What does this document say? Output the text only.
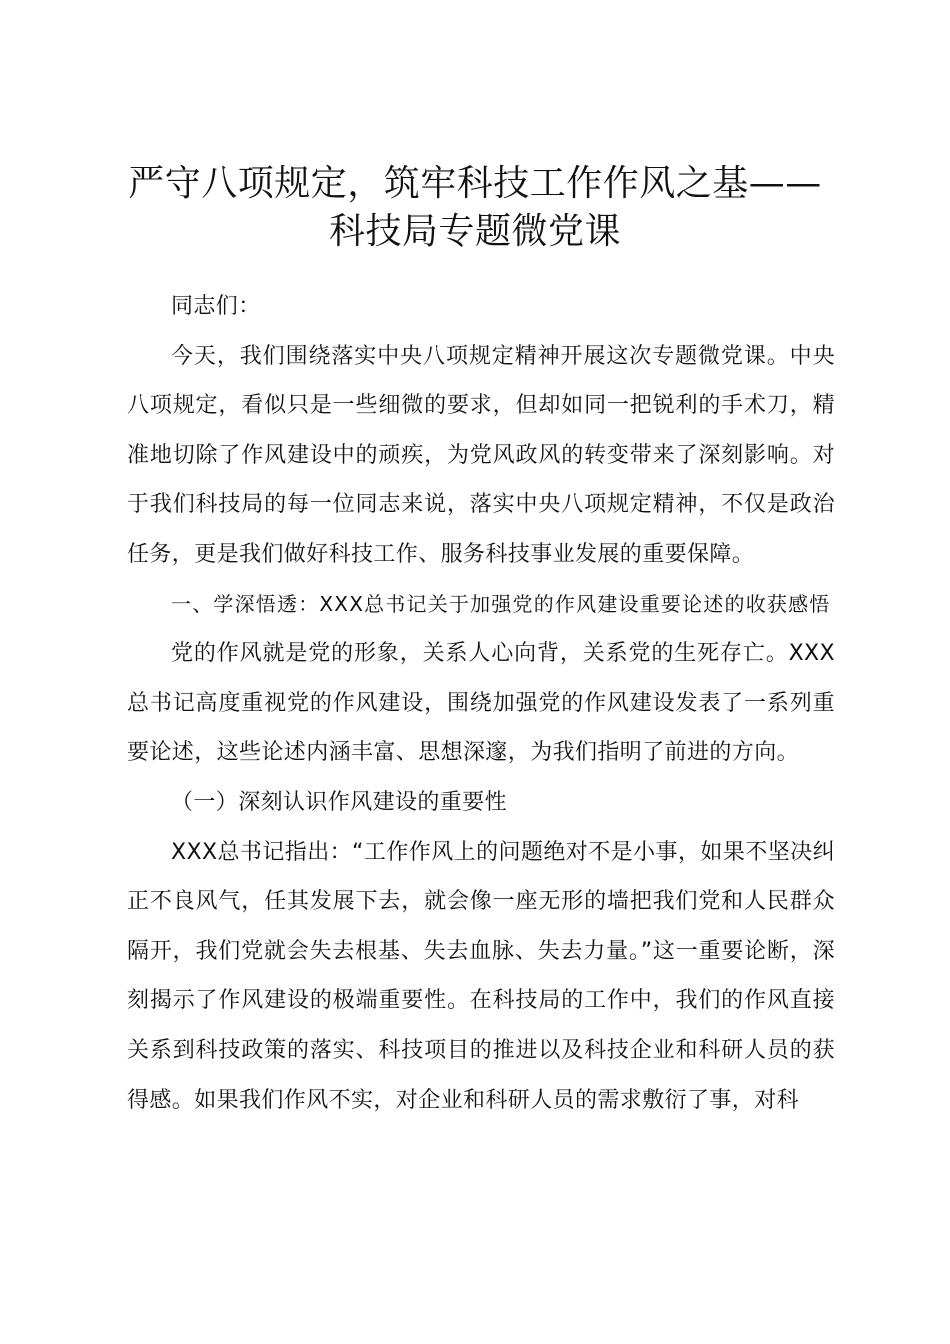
严守八项规定，筑牢科技工作作风之基——科技局专题微党课

同志们：

今天，我们围绕落实中央八项规定精神开展这次专题微党课。中央八项规定，看似只是一些细微的要求，但却如同一把锐利的手术刀，精准地切除了作风建设中的顽疾，为党风政风的转变带来了深刻影响。对于我们科技局的每一位同志来说，落实中央八项规定精神，不仅是政治任务，更是我们做好科技工作、服务科技事业发展的重要保障。

一、学深悟透：XXX总书记关于加强党的作风建设重要论述的收获感悟

党的作风就是党的形象，关系人心向背，关系党的生死存亡。XXX总书记高度重视党的作风建设，围绕加强党的作风建设发表了一系列重要论述，这些论述内涵丰富、思想深邃，为我们指明了前进的方向。

（一）深刻认识作风建设的重要性

XXX总书记指出：“工作作风上的问题绝对不是小事，如果不坚决纠正不良风气，任其发展下去，就会像一座无形的墙把我们党和人民群众隔开，我们党就会失去根基、失去血脉、失去力量。”这一重要论断，深刻揭示了作风建设的极端重要性。在科技局的工作中，我们的作风直接关系到科技政策的落实、科技项目的推进以及科技企业和科研人员的获得感。如果我们作风不实，对企业和科研人员的需求敷衍了事，对科
